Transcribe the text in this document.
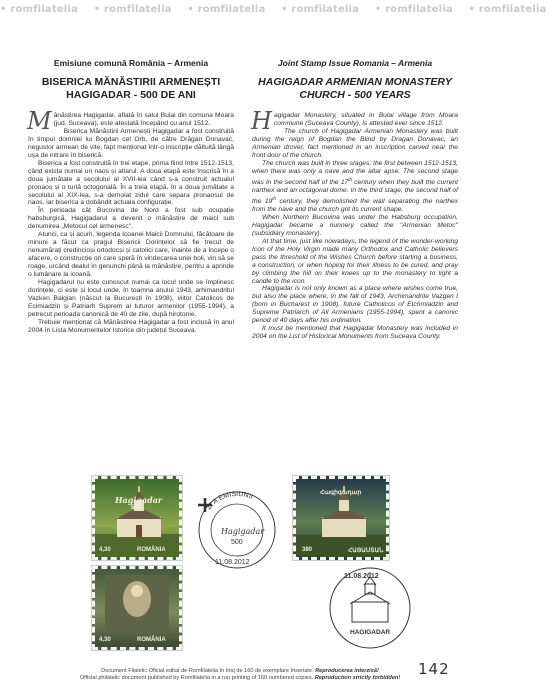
• romfilatelia • romfilatelia • romfilatelia • romfilatelia • romfilatelia • romfilatelia
Emisiune comună România – Armenia
BISERICA MĂNĂSTIRII ARMENEȘTI
HAGIGADAR - 500 DE ANI

Mănăstirea Hagigadar, aflată în satul Bulai din comuna Moara (jud. Suceava), este atestată începând cu anul 1512.

Biserica Mănăstirii Armenești Hagigadar a fost construită în timpul domniei lui Bogdan cel Orb, de către Drăgan Donavac, negustor armean de vite, fapt menționat într-o inscripție dăltuită lângă ușa de intrare în biserică.

Biserica a fost construită în trei etape, prima fiind între 1512-1513, când exista numai un naos și altarul. A doua etapă este înscrisă în a doua jumătate a secolului al XVII-lea când s-a construit actualul pronaos și o turlă octogonală. În a treia etapă, în a doua jumătate a secolului al XIX-lea, s-a demolat zidul care separa pronaosul de naos, iar biserica a dobândit actuala configurație.

În perioada cât Bucovina de Nord a fost sub ocupație habsburgică, Hagigadarul a devenit o mănăstire de maici sub denumirea „Metocul cel armenesc".

Atunci, ca și acum, legenda Icoanei Maicii Domnului, făcătoare de minuni a făcut ca pragul Bisericii Dorințelor să fie trecut de nenumărați credincioși ortodocși și catolici care, înainte de a începe o afacere, o construcție ori care speră în vindecarea unei boli, vin să se roage, urcând dealul în genunchi până la mănăstire, pentru a aprinde o lumânare la icoană.

Hagigadarul nu este cunoscut numai ca locul unde se împlinesc dorințele, ci este și locul unde, în toamna anului 1943, arhimandritul Vazken Balgian (născut la București în 1908), viitor Catolicos de Ecimiadzin și Patriarh Suprem al tuturor armenilor (1955-1994), a petrecut perioada canonică de 40 de zile, după hirotonie.

Trebuie menționat că Mănăstirea Hagigadar a fost inclusă în anul 2004 în Lista Monumentelor Istorice din județul Suceava.

Joint Stamp Issue Romania – Armenia
HAGIGADAR ARMENIAN MONASTERY
CHURCH - 500 YEARS

Hagigadar Monastery, situated in Bulai village from Moara commune (Suceava County), is attested ever since 1512.

The church of Hagigadar Armenian Monastery was built during the reign of Bogdan the Blind by Dragan Donavac, an Armenian drover, fact mentioned in an inscription carved near the front door of the church.

The church was built in three stages, the first between 1512-1513, when there was only a nave and the altar apse. The second stage was in the second half of the 17th century when they built the current narthex and an octagonal dome. In the third stage, the second half of the 19th century, they demolished the wall separating the narthex from the nave and the church got its current shape.

When Northern Bucovina was under the Habsburg occupation, Hagigadar became a nunnery called the "Armenian Metoc" (subsidiary monastery).

At that time, just like nowadays, the legend of the wonder-working Icon of the Holy Virgin made many Orthodox and Catholic believers pass the threshold of the Wishes Church before starting a business, a construction, or when hoping for their illness to be cured, and pray by climbing the hill on their knees up to the monastery to light a candle to the icon.

Hagigadar is not only known as a place where wishes come true, but also the place where, in the fall of 1943, Archimandrite Vazgen I (born in Bucharest in 1908), future Catholicos of Etchmiadzin and Supreme Patriarch of All Armenians (1955-1994), spent a canonic period of 40 days after his ordination.

It must be mentioned that Hagigadar Monastery was included in 2004 on the List of Historical Monuments from Suceava County.

Hagigadar
500
4,30	ROMÂNIA
4,30	ROMÂNIA
Հագիգադար
380	ՀԱՅԱՍՏԱՆ
ZI A EMISIUNII
Hagigadar
500
11.08.2012
11.08.2012
HAGIGADAR
Document Filatelic Oficial editat de Romfilatelia în tiraj de 160 de exemplare înseriate. Reproducerea interzisă!
Official philatelic document published by Romfilatelia in a run printing of 160 numbered copies. Reproduction strictly forbidden!	142
